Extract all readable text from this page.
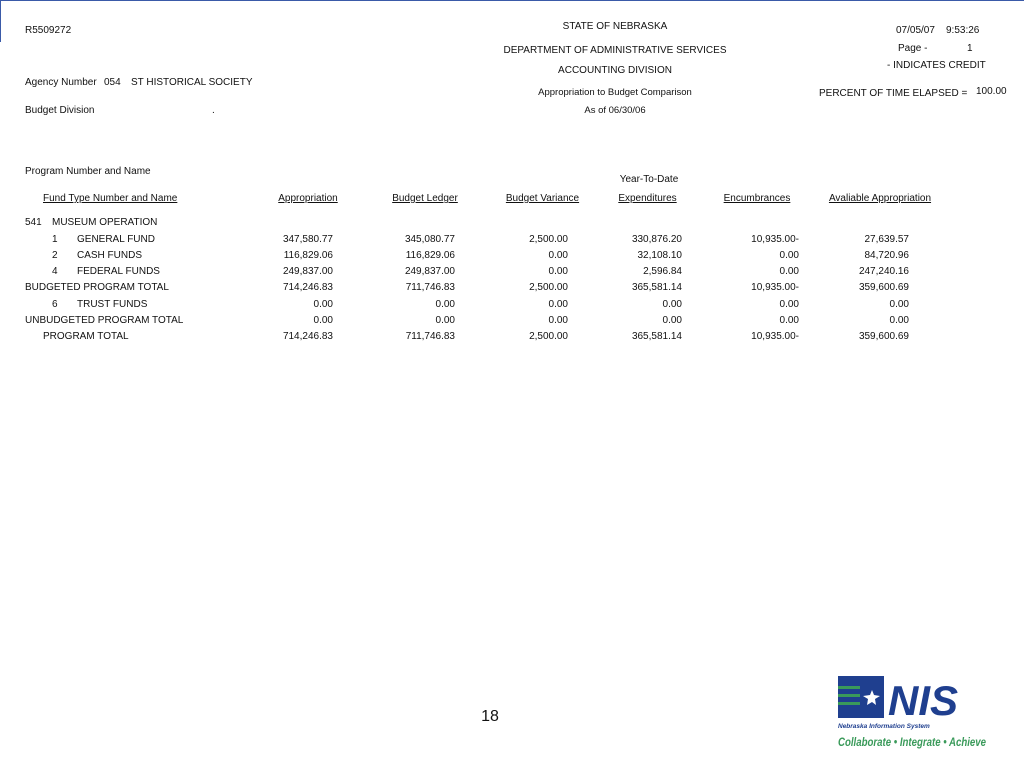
R5509272	STATE OF NEBRASKA
DEPARTMENT OF ADMINISTRATIVE SERVICES
ACCOUNTING DIVISION
Appropriation to Budget Comparison
As of 06/30/06
Agency Number 054 ST HISTORICAL SOCIETY
Budget Division	.
07/05/07 9:53:26
Page -	1
- INDICATES CREDIT
PERCENT OF TIME ELAPSED = 100.00
Program Number and Name
Year-To-Date
Fund Type Number and Name	Appropriation	Budget Ledger	Budget Variance	Expenditures	Encumbrances	Avaliable Appropriation
541 MUSEUM OPERATION
1 GENERAL FUND	347,580.77	345,080.77	2,500.00	330,876.20	10,935.00-	27,639.57
2 CASH FUNDS	116,829.06	116,829.06	0.00	32,108.10	0.00	84,720.96
4 FEDERAL FUNDS	249,837.00	249,837.00	0.00	2,596.84	0.00	247,240.16
BUDGETED PROGRAM TOTAL	714,246.83	711,746.83	2,500.00	365,581.14	10,935.00-	359,600.69
6 TRUST FUNDS	0.00	0.00	0.00	0.00	0.00	0.00
UNBUDGETED PROGRAM TOTAL	0.00	0.00	0.00	0.00	0.00	0.00
PROGRAM TOTAL	714,246.83	711,746.83	2,500.00	365,581.14	10,935.00-	359,600.69
18	NIS
Nebraska Information System
Collaborate • Integrate • Achieve
